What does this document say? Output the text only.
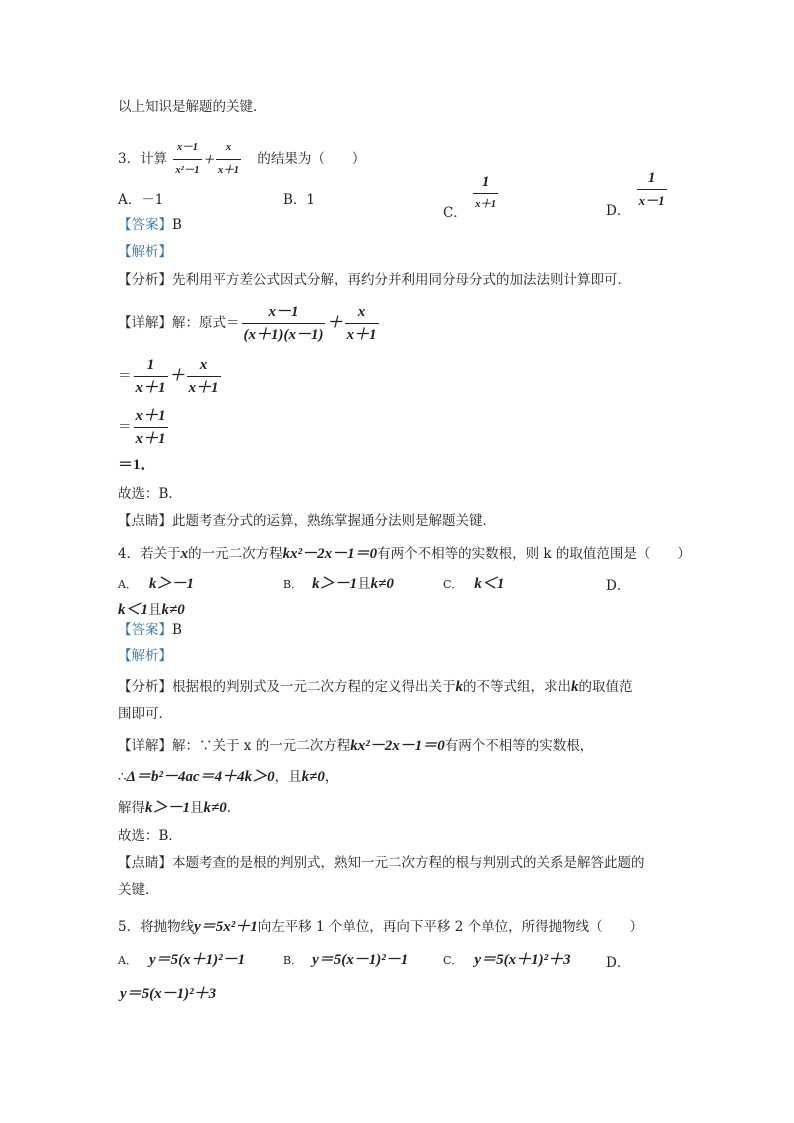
以上知识是解题的关键．
3．计算 $\frac{x-1}{\text{x²－1}} + \frac{x}{x+1}$ 的结果为（　　）
A．－1	B．1
C． $\frac{1}{x+1}$	D． $\frac{1}{x-1}$
【答案】B
【解析】
【分析】先利用平方差公式因式分解，再约分并利用同分母分式的加法法则计算即可．
【详解】解：原式＝ $\frac{x-1}{(x+1)(x-1)} + \frac{x}{x+1}$
＝ $\frac{1}{x+1} + \frac{x}{x+1}$
＝ $\frac{x+1}{x+1}$
＝1．
故选：B．
【点睛】此题考查分式的运算，熟练掌握通分法则是解题关键．
4．若关于x的一元二次方程kx²－2x－1＝0有两个不相等的实数根，则 k 的取值范围是（　　）
A． k＞－1	B． k＞－1且k≠0	C． k＜1	D．
k＜1且k≠0
【答案】B
【解析】
【分析】根据根的判别式及一元二次方程的定义得出关于k的不等式组，求出k的取值范
围即可．
【详解】解：∵关于 x 的一元二次方程kx²－2x－1＝0有两个不相等的实数根，
∴Δ＝b²－4ac＝4＋4k＞0，且k≠0，
解得k＞－1且k≠0．
故选：B．
【点睛】本题考查的是根的判别式，熟知一元二次方程的根与判别式的关系是解答此题的
关键．
5．将抛物线y＝5x²＋1向左平移 1 个单位，再向下平移 2 个单位，所得抛物线（　　）
A． y＝5(x＋1)²－1	B． y＝5(x－1)²－1	C． y＝5(x＋1)²＋3	D．
y＝5(x－1)²＋3
